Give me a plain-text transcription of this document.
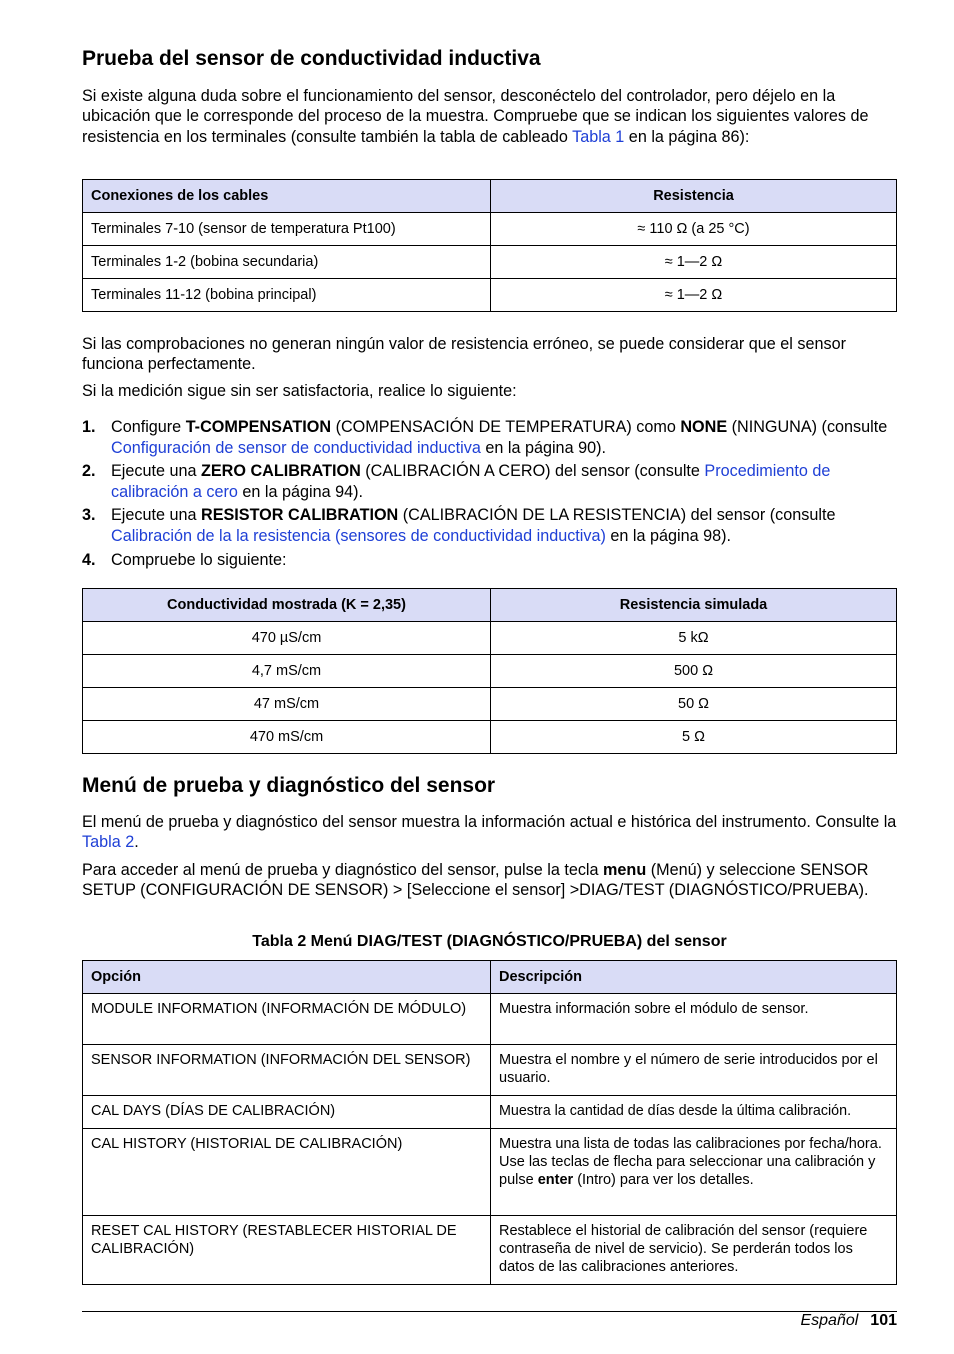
Prueba del sensor de conductividad inductiva

Si existe alguna duda sobre el funcionamiento del sensor, desconéctelo del controlador, pero déjelo en la ubicación que le corresponde del proceso de la muestra. Compruebe que se indican los siguientes valores de resistencia en los terminales (consulte también la tabla de cableado Tabla 1 en la página 86):

Conexiones de los cables	Resistencia
Terminales 7-10 (sensor de temperatura Pt100)	≈ 110 Ω (a 25 °C)
Terminales 1-2 (bobina secundaria)	≈ 1—2 Ω
Terminales 11-12 (bobina principal)	≈ 1—2 Ω

Si las comprobaciones no generan ningún valor de resistencia erróneo, se puede considerar que el sensor funciona perfectamente.

Si la medición sigue sin ser satisfactoria, realice lo siguiente:

1. Configure T-COMPENSATION (COMPENSACIÓN DE TEMPERATURA) como NONE (NINGUNA) (consulte Configuración de sensor de conductividad inductiva en la página 90).
2. Ejecute una ZERO CALIBRATION (CALIBRACIÓN A CERO) del sensor (consulte Procedimiento de calibración a cero en la página 94).
3. Ejecute una RESISTOR CALIBRATION (CALIBRACIÓN DE LA RESISTENCIA) del sensor (consulte Calibración de la la resistencia (sensores de conductividad inductiva) en la página 98).
4. Compruebe lo siguiente:
Conductividad mostrada (K = 2,35)	Resistencia simulada
470 µS/cm	5 kΩ
4,7 mS/cm	500 Ω
47 mS/cm	50 Ω
470 mS/cm	5 Ω
Menú de prueba y diagnóstico del sensor

El menú de prueba y diagnóstico del sensor muestra la información actual e histórica del instrumento. Consulte la Tabla 2.

Para acceder al menú de prueba y diagnóstico del sensor, pulse la tecla menu (Menú) y seleccione SENSOR SETUP (CONFIGURACIÓN DE SENSOR) > [Seleccione el sensor] >DIAG/TEST (DIAGNÓSTICO/PRUEBA).

Tabla 2 Menú DIAG/TEST (DIAGNÓSTICO/PRUEBA) del sensor
Opción	Descripción
MODULE INFORMATION (INFORMACIÓN DE MÓDULO)	Muestra información sobre el módulo de sensor.
SENSOR INFORMATION (INFORMACIÓN DEL SENSOR)	Muestra el nombre y el número de serie introducidos por el usuario.
CAL DAYS (DÍAS DE CALIBRACIÓN)	Muestra la cantidad de días desde la última calibración.
CAL HISTORY (HISTORIAL DE CALIBRACIÓN)	Muestra una lista de todas las calibraciones por fecha/hora. Use las teclas de flecha para seleccionar una calibración y pulse enter (Intro) para ver los detalles.
RESET CAL HISTORY (RESTABLECER HISTORIAL DE CALIBRACIÓN)	Restablece el historial de calibración del sensor (requiere contraseña de nivel de servicio). Se perderán todos los datos de las calibraciones anteriores.
Español 101
